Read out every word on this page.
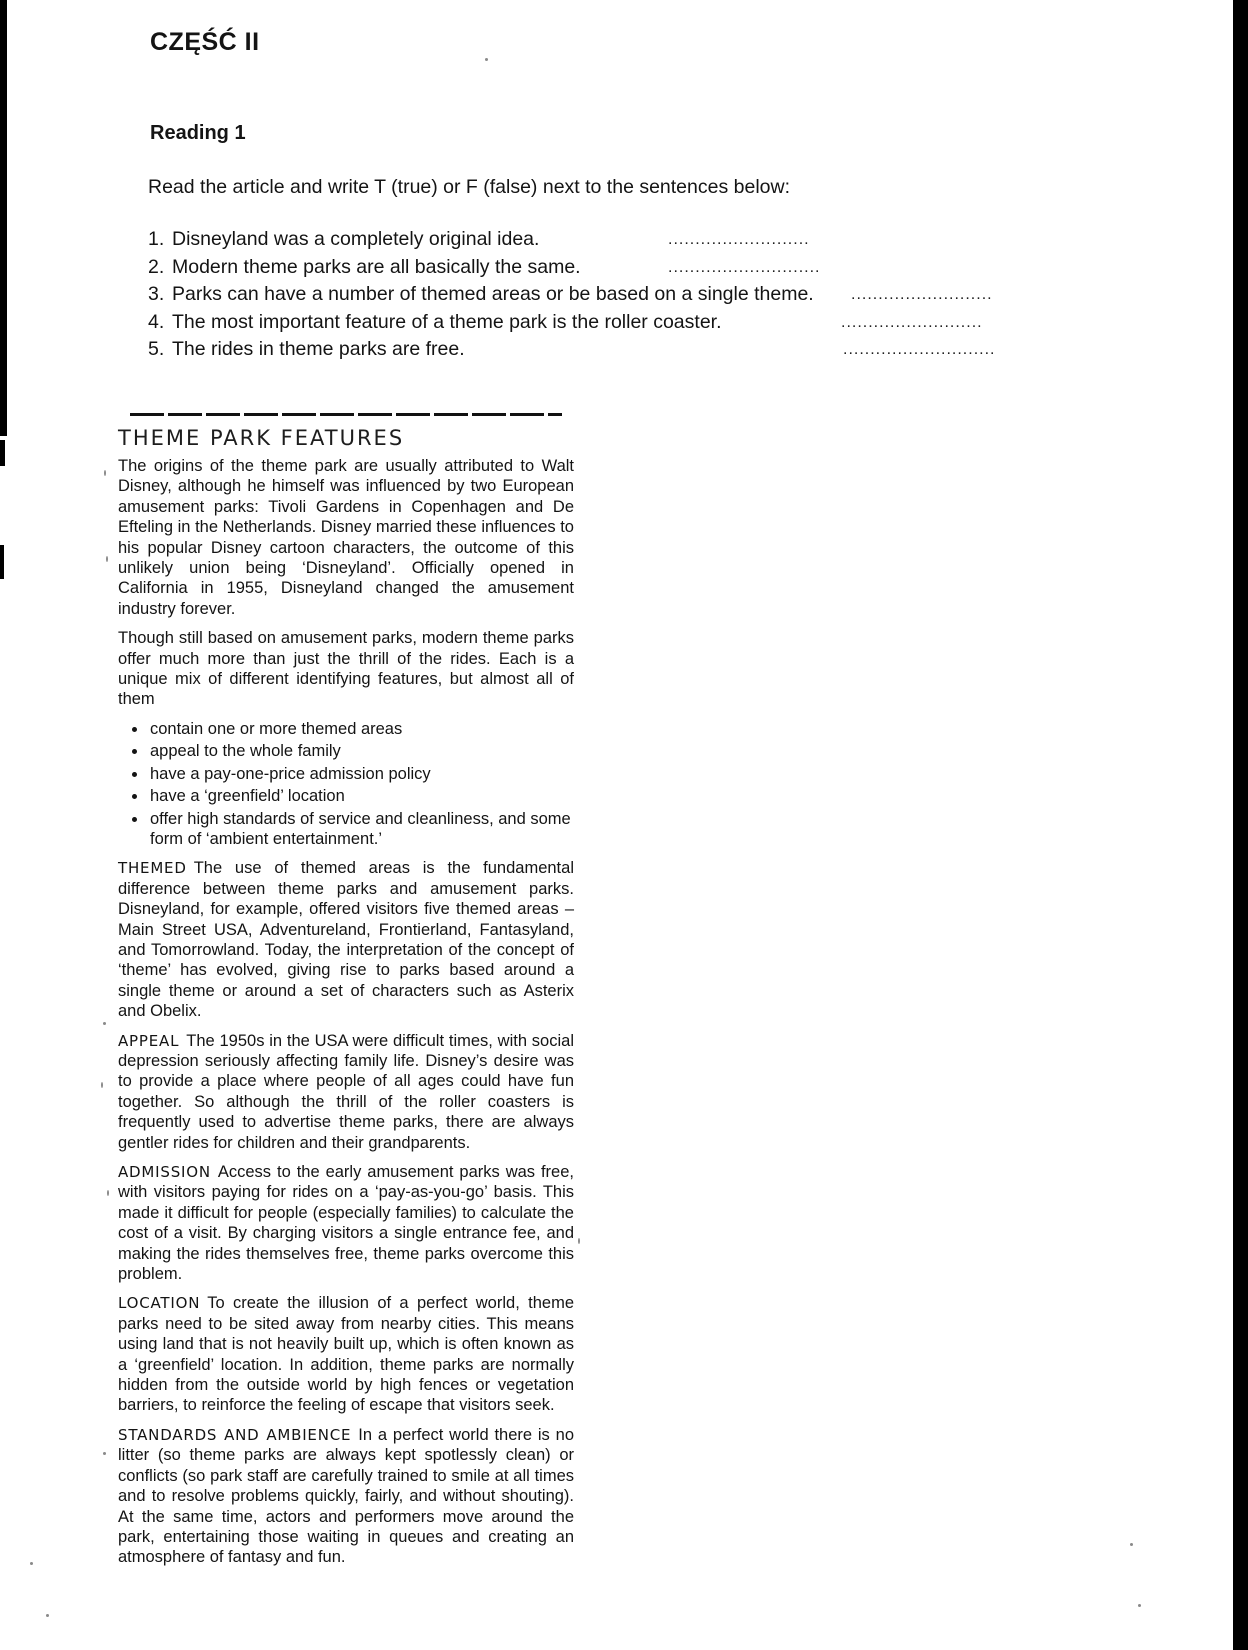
CZĘŚĆ II
Reading 1
Read the article and write T (true) or F (false) next to the sentences below:
1. Disneyland was a completely original idea.	..........................
2. Modern theme parks are all basically the same.	............................
3. Parks can have a number of themed areas or be based on a single theme. ..........................
4. The most important feature of a theme park is the roller coaster.	..........................
5. The rides in theme parks are free.	............................
THEME PARK FEATURES

The origins of the theme park are usually attributed to Walt Disney, although he himself was influenced by two European amusement parks: Tivoli Gardens in Copenhagen and De Efteling in the Netherlands. Disney married these influences to his popular Disney cartoon characters, the outcome of this unlikely union being ‘Disneyland’. Officially opened in California in 1955, Disneyland changed the amusement industry forever.

Though still based on amusement parks, modern theme parks offer much more than just the thrill of the rides. Each is a unique mix of different identifying features, but almost all of them

• contain one or more themed areas
• appeal to the whole family
• have a pay-one-price admission policy
• have a ‘greenfield’ location
• offer high standards of service and cleanliness, and some form of ‘ambient entertainment.’

THEMED The use of themed areas is the fundamental difference between theme parks and amusement parks. Disneyland, for example, offered visitors five themed areas – Main Street USA, Adventureland, Frontierland, Fantasyland, and Tomorrowland. Today, the interpretation of the concept of ‘theme’ has evolved, giving rise to parks based around a single theme or around a set of characters such as Asterix and Obelix.

APPEAL The 1950s in the USA were difficult times, with social depression seriously affecting family life. Disney’s desire was to provide a place where people of all ages could have fun together. So although the thrill of the roller coasters is frequently used to advertise theme parks, there are always gentler rides for children and their grandparents.

ADMISSION Access to the early amusement parks was free, with visitors paying for rides on a ‘pay-as-you-go’ basis. This made it difficult for people (especially families) to calculate the cost of a visit. By charging visitors a single entrance fee, and making the rides themselves free, theme parks overcome this problem.

LOCATION To create the illusion of a perfect world, theme parks need to be sited away from nearby cities. This means using land that is not heavily built up, which is often known as a ‘greenfield’ location. In addition, theme parks are normally hidden from the outside world by high fences or vegetation barriers, to reinforce the feeling of escape that visitors seek.

STANDARDS AND AMBIENCE In a perfect world there is no litter (so theme parks are always kept spotlessly clean) or conflicts (so park staff are carefully trained to smile at all times and to resolve problems quickly, fairly, and without shouting). At the same time, actors and performers move around the park, entertaining those waiting in queues and creating an atmosphere of fantasy and fun.
